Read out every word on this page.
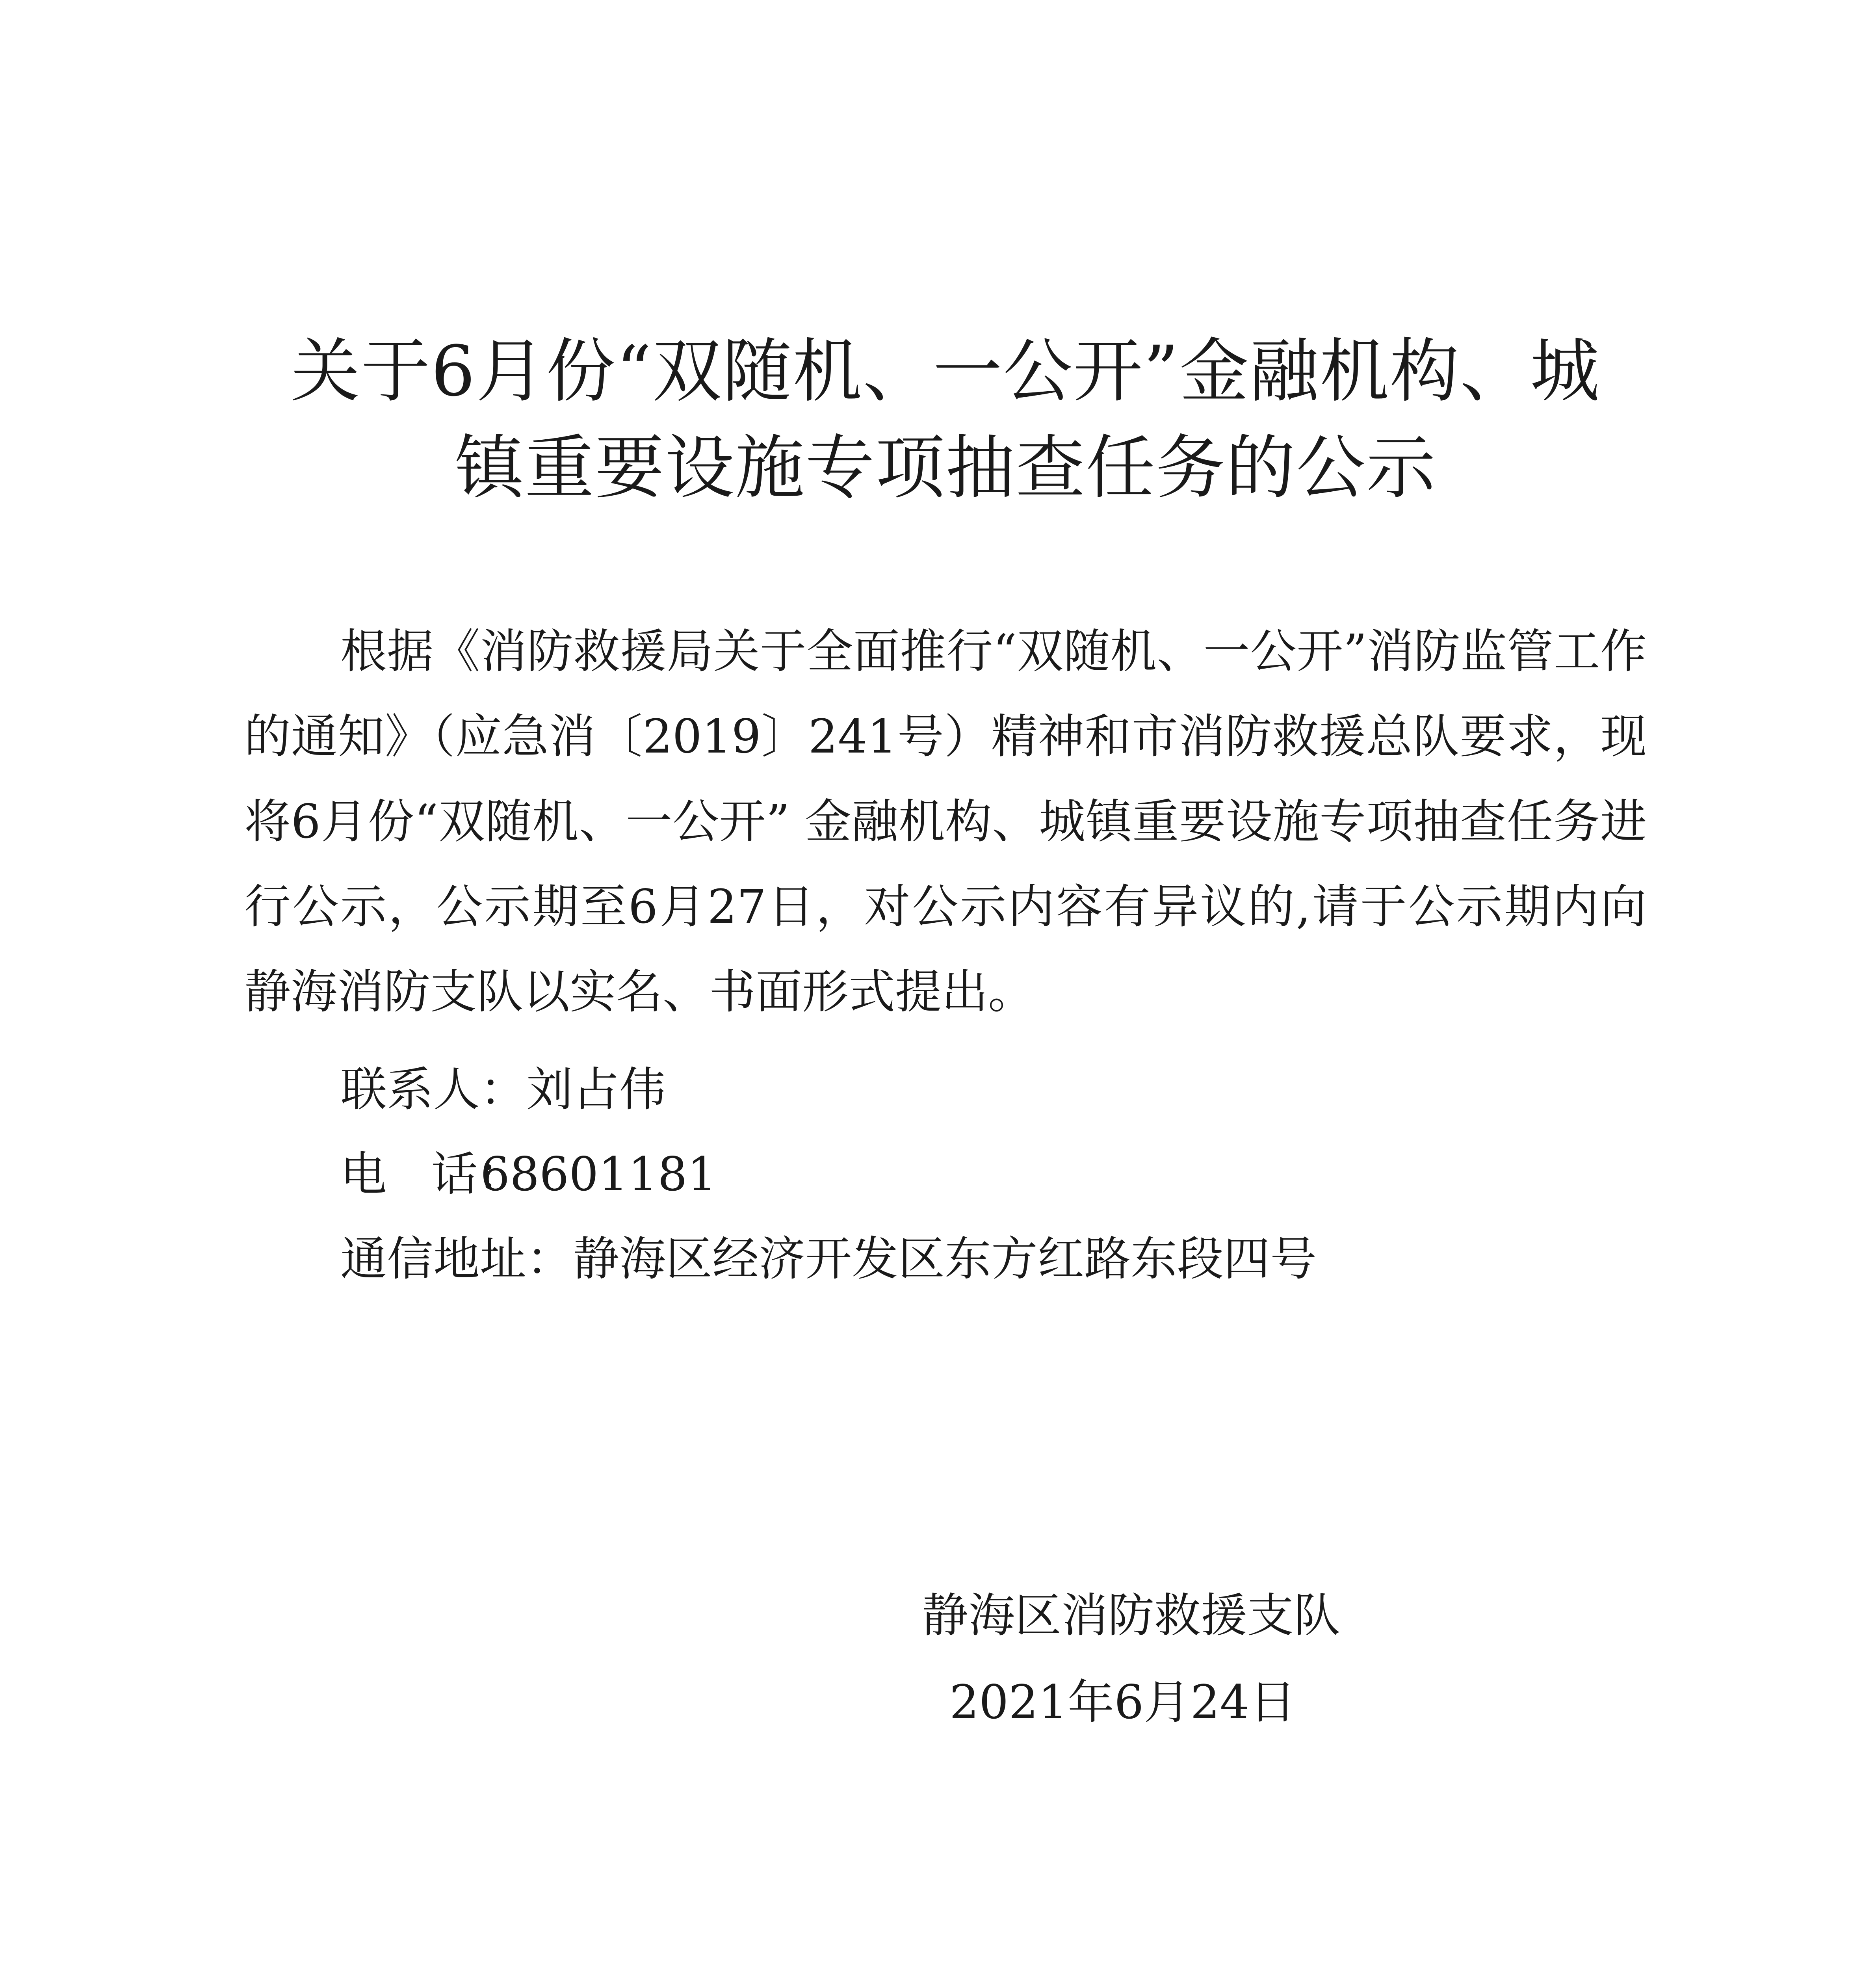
关于6月份“双随机、一公开”金融机构、城
镇重要设施专项抽查任务的公示

根据《消防救援局关于全面推行“双随机、一公开”消防监管工作的通知》（应急消〔2019〕241号）精神和市消防救援总队要求，现将6月份“双随机、一公开” 金融机构、城镇重要设施专项抽查任务进行公示，公示期至6月27日，对公示内容有异议的,请于公示期内向静海消防支队以实名、书面形式提出。

联系人：刘占伟

电   话：68601181

通信地址：静海区经济开发区东方红路东段四号

静海区消防救援支队

2021年6月24日
